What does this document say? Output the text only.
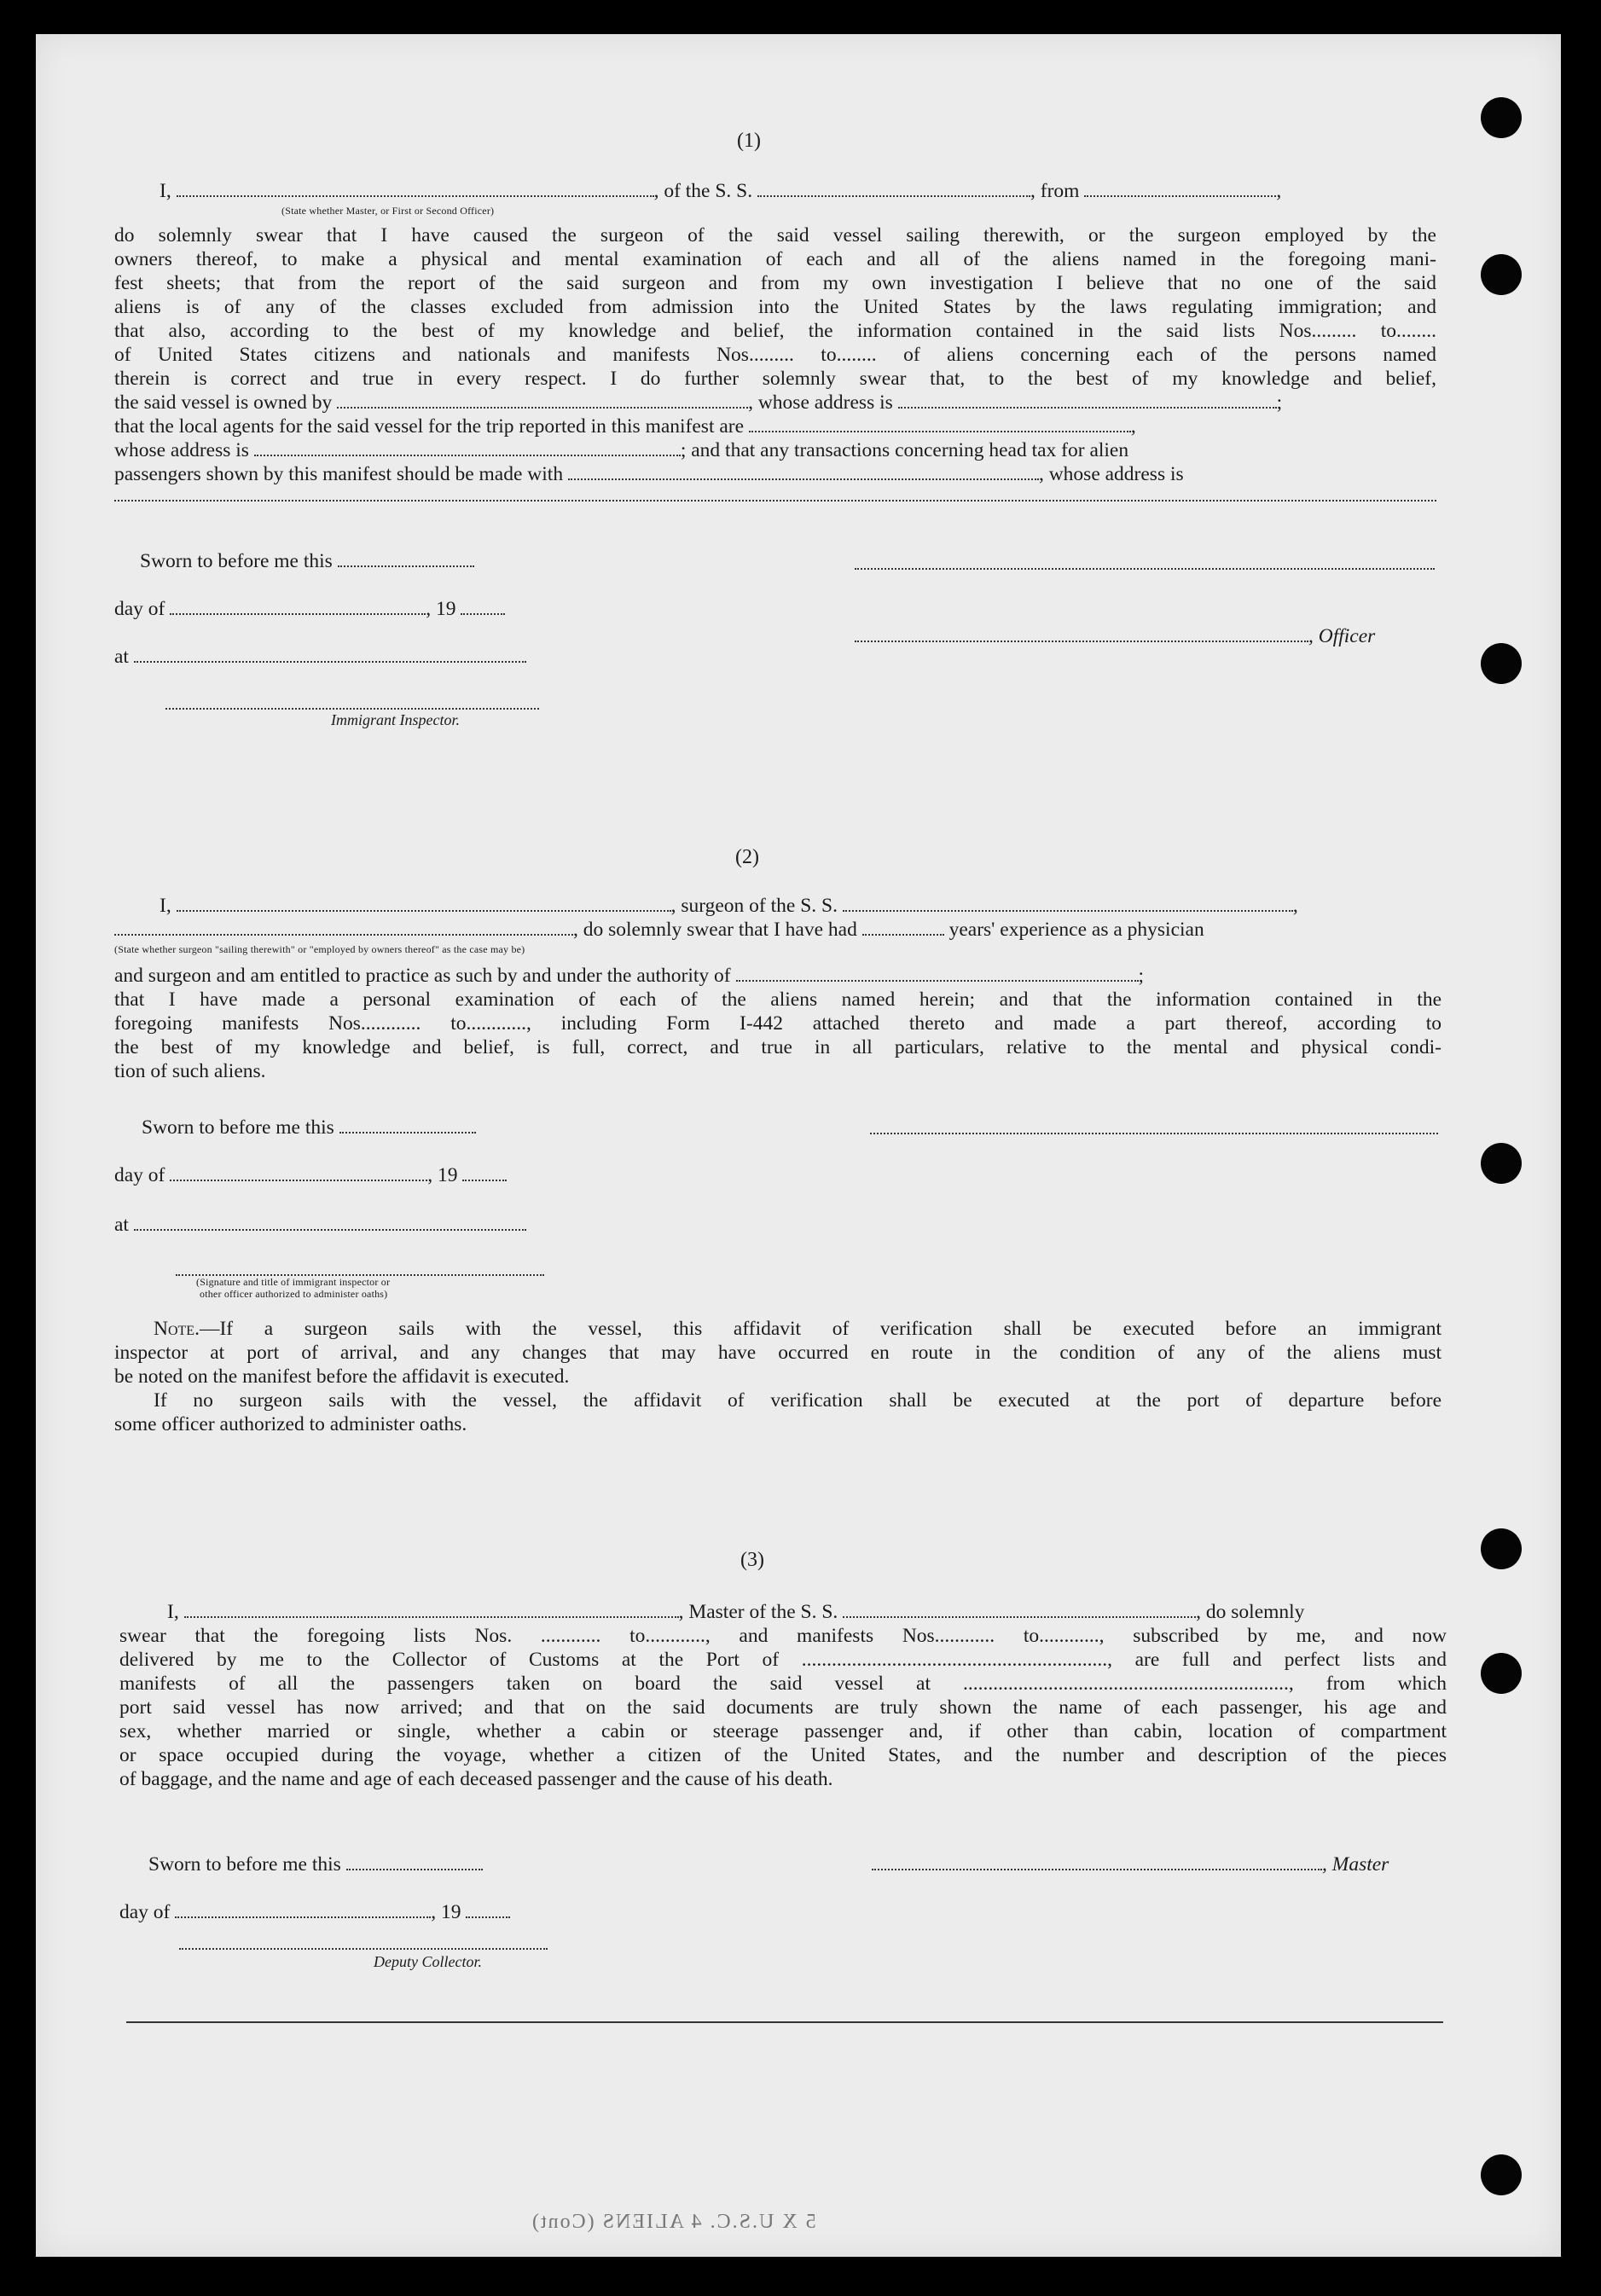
(1)
I,	, of the S. S.	, from	,
(State whether Master, or First or Second Officer)
do solemnly swear that I have caused the surgeon of the said vessel sailing therewith, or the surgeon employed by the
owners thereof, to make a physical and mental examination of each and all of the aliens named in the foregoing mani-
fest sheets; that from the report of the said surgeon and from my own investigation I believe that no one of the said
aliens is of any of the classes excluded from admission into the United States by the laws regulating immigration; and
that also, according to the best of my knowledge and belief, the information contained in the said lists Nos......... to........
of United States citizens and nationals and manifests Nos......... to........ of aliens concerning each of the persons named
therein is correct and true in every respect. I do further solemnly swear that, to the best of my knowledge and belief,
the said vessel is owned by	, whose address is	;
that the local agents for the said vessel for the trip reported in this manifest are	,
whose address is	; and that any transactions concerning head tax for alien
passengers shown by this manifest should be made with	, whose address is
Sworn to before me this
day of	, 19
, Officer
at
Immigrant Inspector.
(2)
I,	, surgeon of the S. S.	,
, do solemnly swear that I have had	years' experience as a physician
(State whether surgeon "sailing therewith" or "employed by owners thereof" as the case may be)
and surgeon and am entitled to practice as such by and under the authority of	;
that I have made a personal examination of each of the aliens named herein; and that the information contained in the
foregoing manifests Nos............ to............, including Form I-442 attached thereto and made a part thereof, according to
the best of my knowledge and belief, is full, correct, and true in all particulars, relative to the mental and physical condi-
tion of such aliens.
Sworn to before me this
day of	, 19
at
(Signature and title of immigrant inspector or
other officer authorized to administer oaths)
Note.—If a surgeon sails with the vessel, this affidavit of verification shall be executed before an immigrant
inspector at port of arrival, and any changes that may have occurred en route in the condition of any of the aliens must
be noted on the manifest before the affidavit is executed.
If no surgeon sails with the vessel, the affidavit of verification shall be executed at the port of departure before
some officer authorized to administer oaths.
(3)
I,	, Master of the S. S.	, do solemnly
swear that the foregoing lists Nos. ............ to............, and manifests Nos............ to............, subscribed by me, and now
delivered by me to the Collector of Customs at the Port of ............................................................., are full and perfect lists and
manifests of all the passengers taken on board the said vessel at ................................................................., from which
port said vessel has now arrived; and that on the said documents are truly shown the name of each passenger, his age and
sex, whether married or single, whether a cabin or steerage passenger and, if other than cabin, location of compartment
or space occupied during the voyage, whether a citizen of the United States, and the number and description of the pieces
of baggage, and the name and age of each deceased passenger and the cause of his death.
Sworn to before me this	, Master
day of	, 19
Deputy Collector.
5 X U.S.C. 4 ALIENS (Cont)
